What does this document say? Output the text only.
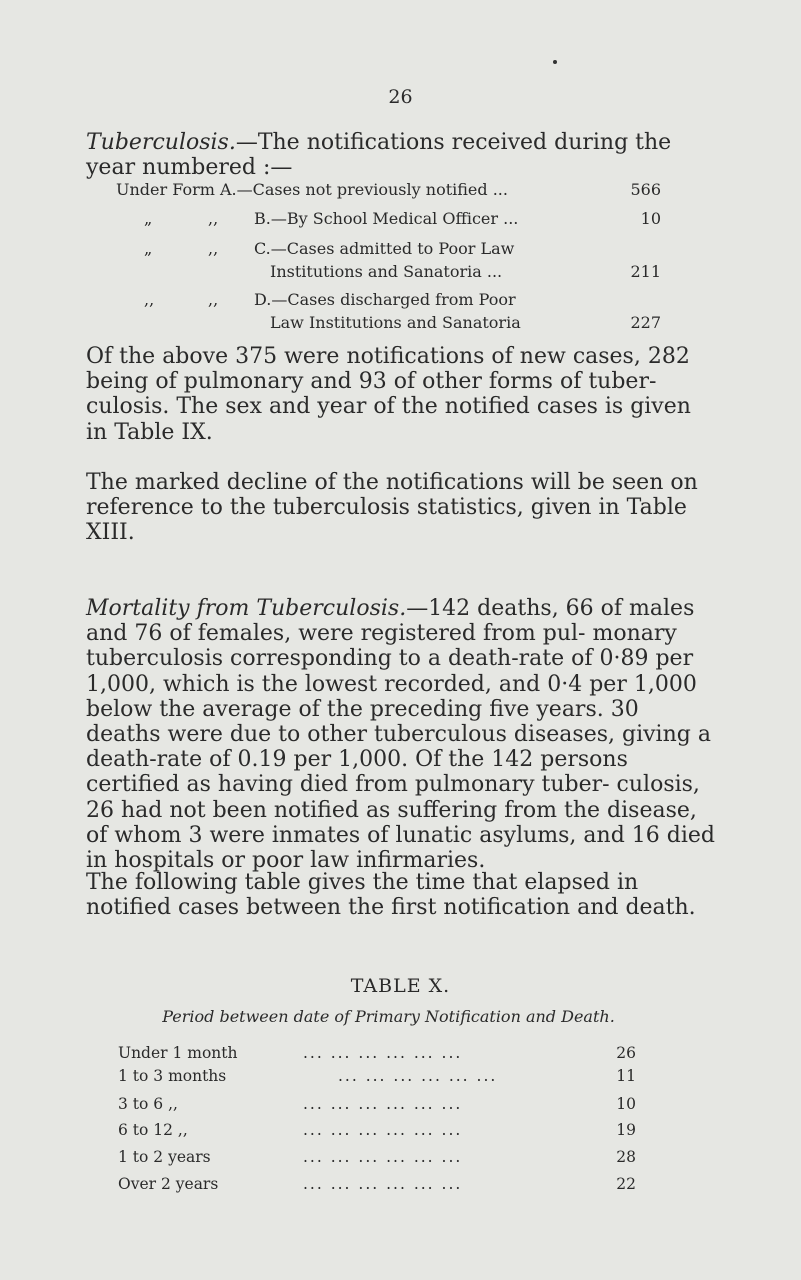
26

Tuberculosis.—The notifications received during the year numbered :—

Under Form A.—Cases not previously notified ...	566
„	,, B.—By School Medical Officer ...	10
„	,, C.—Cases admitted to Poor Law
Institutions and Sanatoria ...	211
,,	,, D.—Cases discharged from Poor
Law Institutions and Sanatoria	227

Of the above 375 were notifications of new cases, 282 being of pulmonary and 93 of other forms of tuber- culosis. The sex and year of the notified cases is given in Table IX.

The marked decline of the notifications will be seen on reference to the tuberculosis statistics, given in Table XIII.

Mortality from Tuberculosis.—142 deaths, 66 of males and 76 of females, were registered from pul- monary tuberculosis corresponding to a death-rate of 0·89 per 1,000, which is the lowest recorded, and 0·4 per 1,000 below the average of the preceding five years. 30 deaths were due to other tuberculous diseases, giving a death-rate of 0.19 per 1,000. Of the 142 persons certified as having died from pulmonary tuber- culosis, 26 had not been notified as suffering from the disease, of whom 3 were inmates of lunatic asylums, and 16 died in hospitals or poor law infirmaries.

The following table gives the time that elapsed in notified cases between the first notification and death.

TABLE X.
Period between date of Primary Notification and Death.
Under 1 month	... ... ... ... ... ...	26
1 to 3 months	... ... ... ... ... ...	11
3 to 6 ,,	... ... ... ... ... ...	10
6 to 12 ,,	... ... ... ... ... ...	19
1 to 2 years	... ... ... ... ... ...	28
Over 2 years	... ... ... ... ... ...	22
